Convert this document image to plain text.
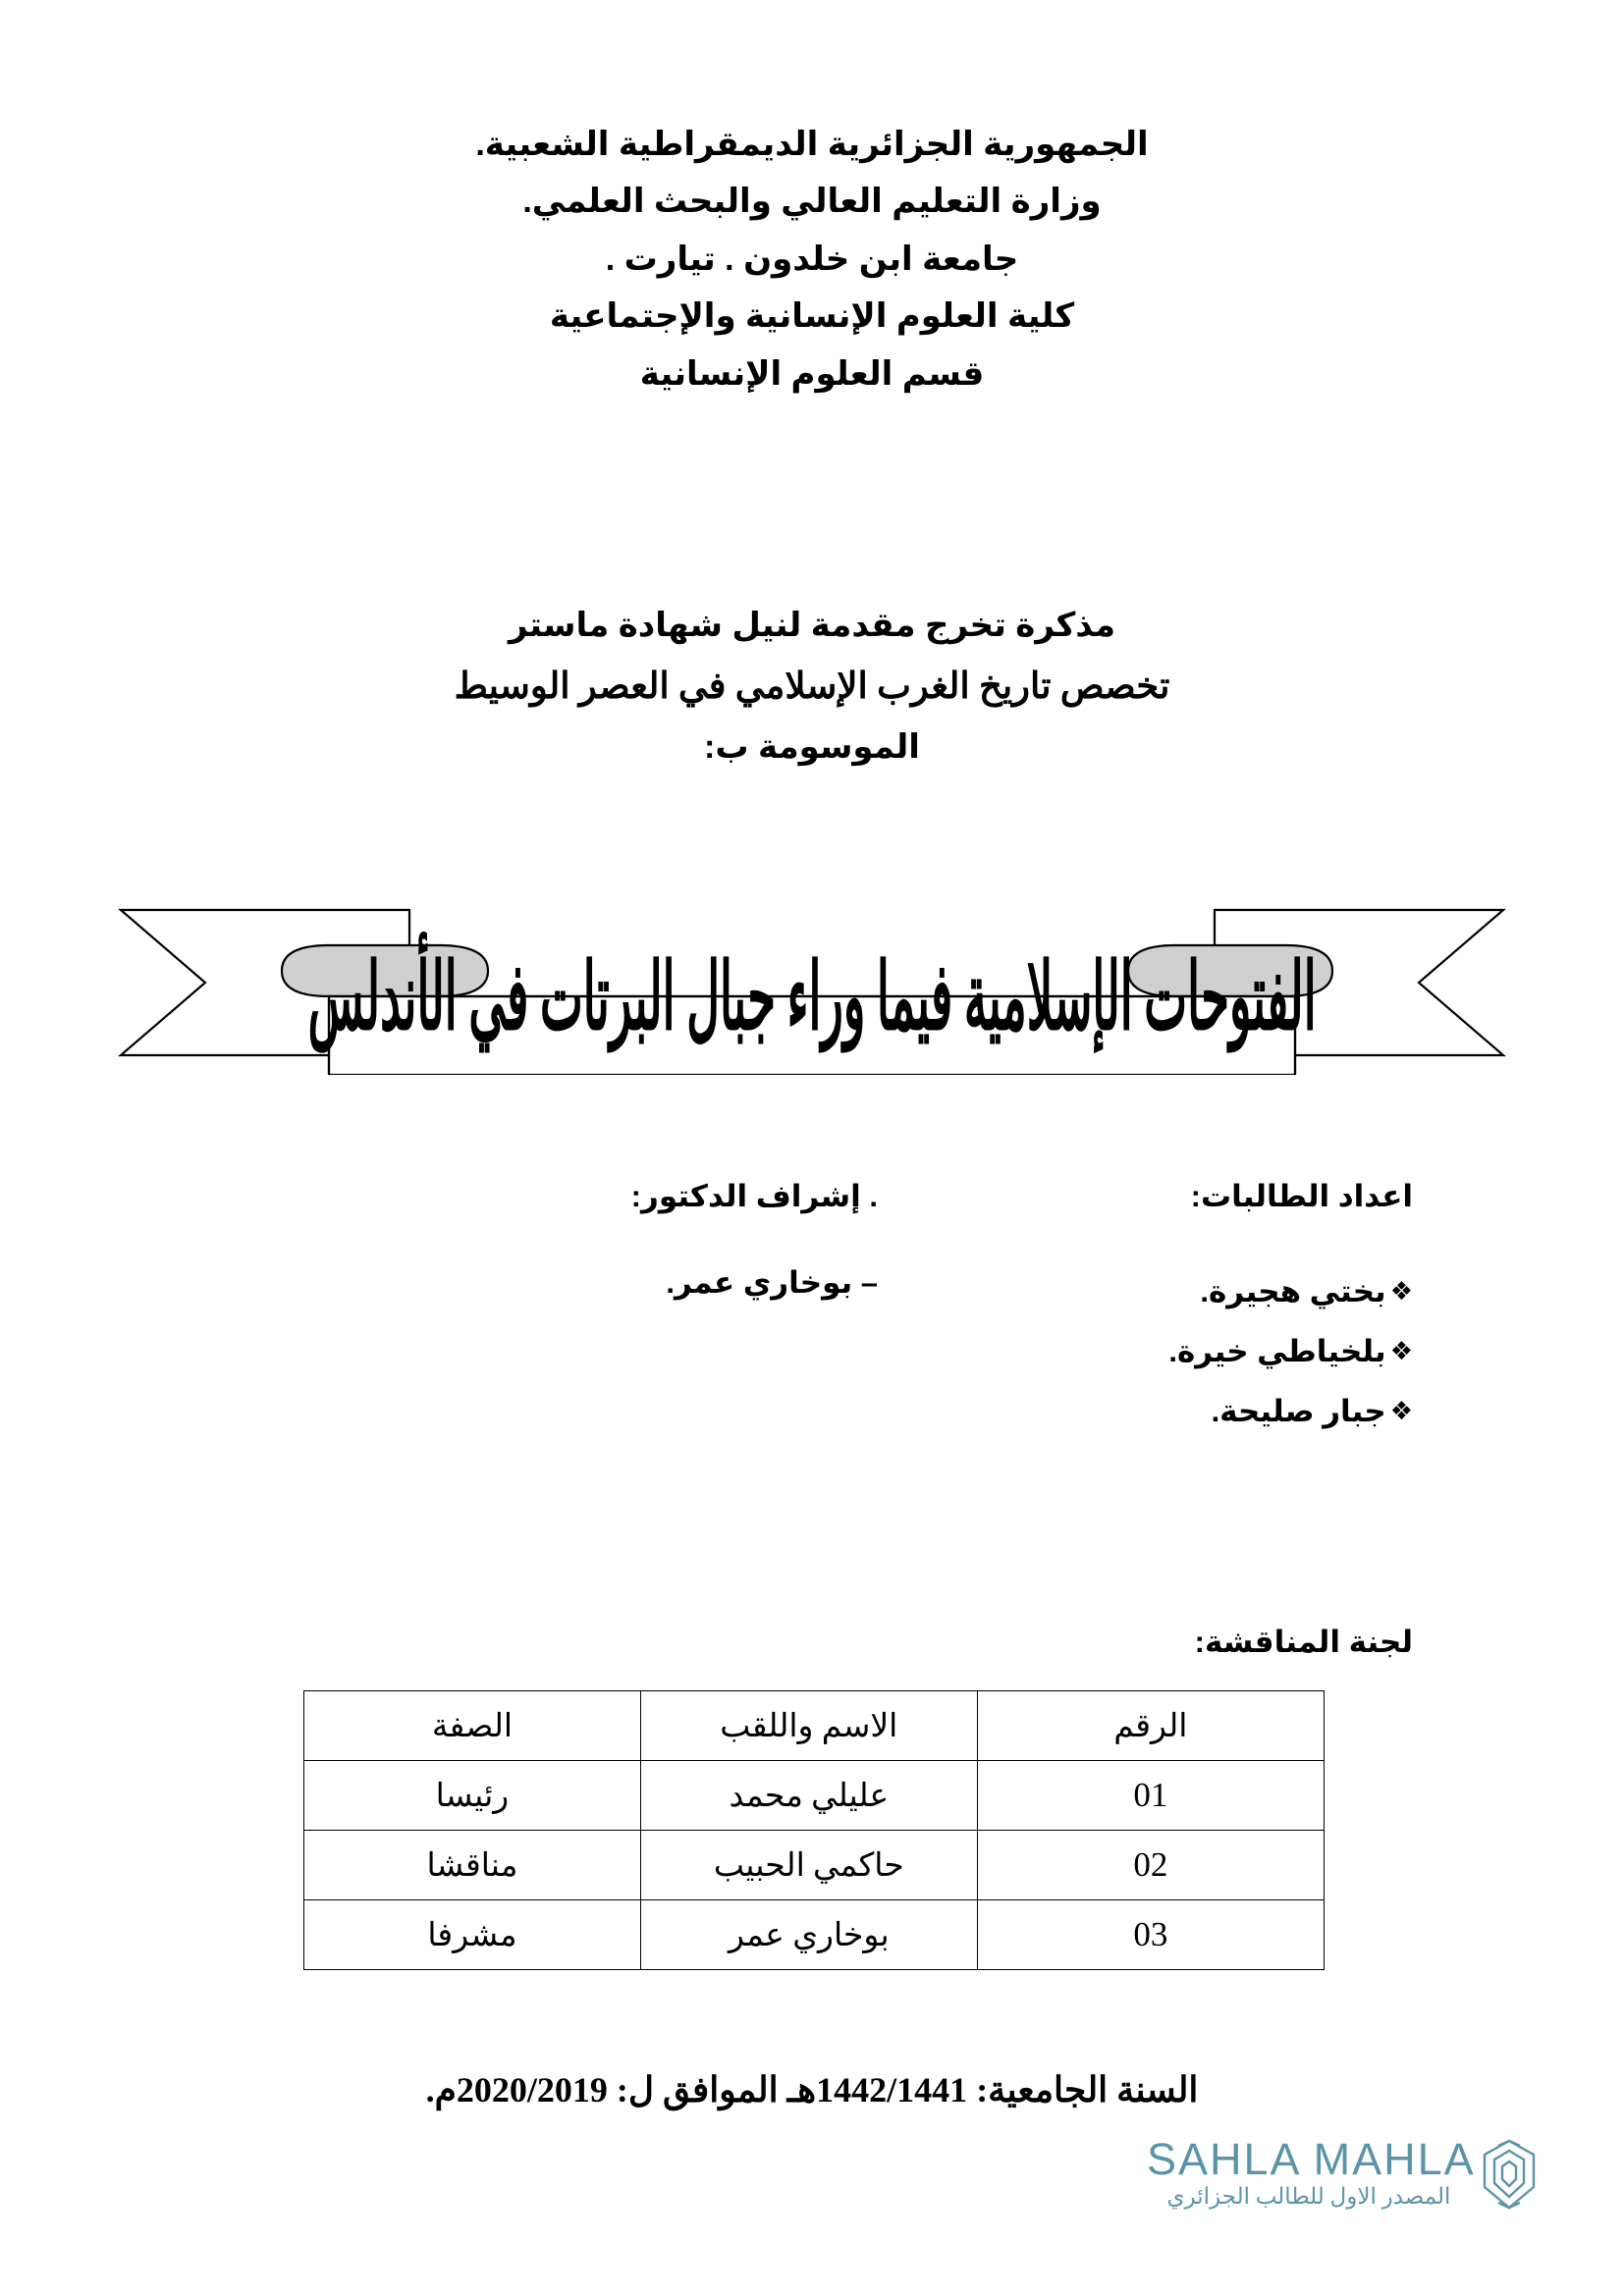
الجمهورية الجزائرية الديمقراطية الشعبية.
وزارة التعليم العالي والبحث العلمي.
جامعة ابن خلدون . تيارت .
كلية العلوم الإنسانية والإجتماعية
قسم العلوم الإنسانية
مذكرة تخرج مقدمة لنيل شهادة ماستر
تخصص تاريخ الغرب الإسلامي في العصر الوسيط
الموسومة ب:
الفتوحات الإسلامية فيما وراء جبال البرتات في الأندلس
اعداد الطالبات:
❖
بختي هجيرة.
❖
بلخياطي خيرة.
❖
جبار صليحة.
. إشراف الدكتور:
– بوخاري عمر.
لجنة المناقشة:
الرقم	الاسم واللقب	الصفة
01	عليلي محمد	رئيسا
02	حاكمي الحبيب	مناقشا
03	بوخاري عمر	مشرفا
السنة الجامعية: 1442/1441هـ الموافق ل: 2020/2019م.
SAHLA MAHLA
المصدر الاول للطالب الجزائري
